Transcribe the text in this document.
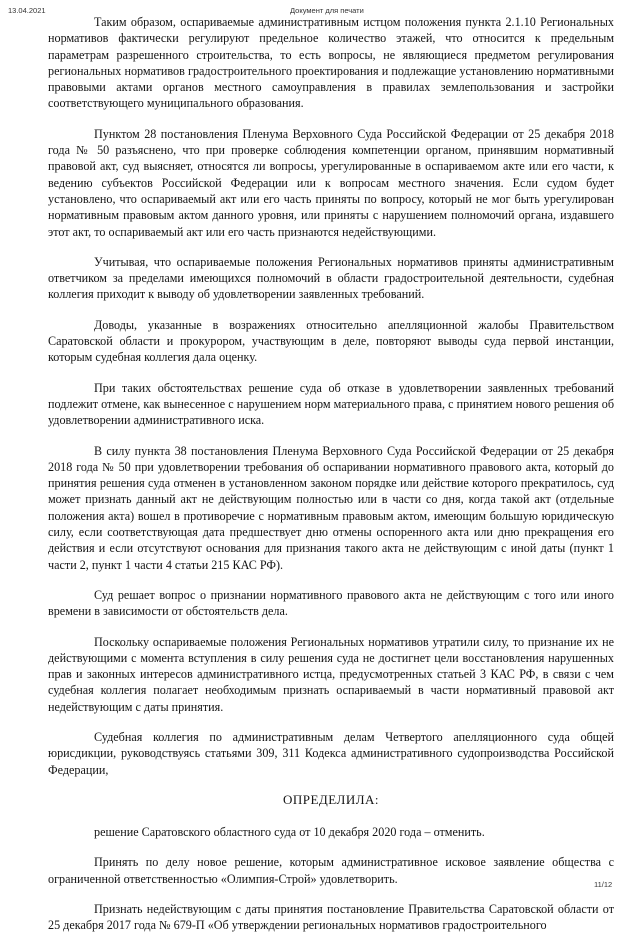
13.04.2021	Документ для печати

Таким образом, оспариваемые административным истцом положения пункта 2.1.10 Региональных нормативов фактически регулируют предельное количество этажей, что относится к предельным параметрам разрешенного строительства, то есть вопросы, не являющиеся предметом регулирования региональных нормативов градостроительного проектирования и подлежащие установлению нормативными правовыми актами органов местного самоуправления в правилах землепользования и застройки соответствующего муниципального образования.

Пунктом 28 постановления Пленума Верховного Суда Российской Федерации от 25 декабря 2018 года № 50 разъяснено, что при проверке соблюдения компетенции органом, принявшим нормативный правовой акт, суд выясняет, относятся ли вопросы, урегулированные в оспариваемом акте или его части, к ведению субъектов Российской Федерации или к вопросам местного значения. Если судом будет установлено, что оспариваемый акт или его часть приняты по вопросу, который не мог быть урегулирован нормативным правовым актом данного уровня, или приняты с нарушением полномочий органа, издавшего этот акт, то оспариваемый акт или его часть признаются недействующими.

Учитывая, что оспариваемые положения Региональных нормативов приняты административным ответчиком за пределами имеющихся полномочий в области градостроительной деятельности, судебная коллегия приходит к выводу об удовлетворении заявленных требований.

Доводы, указанные в возражениях относительно апелляционной жалобы Правительством Саратовской области и прокурором, участвующим в деле, повторяют выводы суда первой инстанции, которым судебная коллегия дала оценку.

При таких обстоятельствах решение суда об отказе в удовлетворении заявленных требований подлежит отмене, как вынесенное с нарушением норм материального права, с принятием нового решения об удовлетворении административного иска.

В силу пункта 38 постановления Пленума Верховного Суда Российской Федерации от 25 декабря 2018 года № 50 при удовлетворении требования об оспаривании нормативного правового акта, который до принятия решения суда отменен в установленном законом порядке или действие которого прекратилось, суд может признать данный акт не действующим полностью или в части со дня, когда такой акт (отдельные положения акта) вошел в противоречие с нормативным правовым актом, имеющим большую юридическую силу, если соответствующая дата предшествует дню отмены оспоренного акта или дню прекращения его действия и если отсутствуют основания для признания такого акта не действующим с иной даты (пункт 1 части 2, пункт 1 части 4 статьи 215 КАС РФ).

Суд решает вопрос о признании нормативного правового акта не действующим с того или иного времени в зависимости от обстоятельств дела.

Поскольку оспариваемые положения Региональных нормативов утратили силу, то признание их не действующими с момента вступления в силу решения суда не достигнет цели восстановления нарушенных прав и законных интересов административного истца, предусмотренных статьей 3 КАС РФ, в связи с чем судебная коллегия полагает необходимым признать оспариваемый в части нормативный правовой акт недействующим с даты принятия.

Судебная коллегия по административным делам Четвертого апелляционного суда общей юрисдикции, руководствуясь статьями 309, 311 Кодекса административного судопроизводства Российской Федерации,

ОПРЕДЕЛИЛА:

решение Саратовского областного суда от 10 декабря 2020 года – отменить.

Принять по делу новое решение, которым административное исковое заявление общества с ограниченной ответственностью «Олимпия-Строй» удовлетворить.

Признать недействующим с даты принятия постановление Правительства Саратовской области от 25 декабря 2017 года № 679-П «Об утверждении региональных нормативов градостроительного

11/12
